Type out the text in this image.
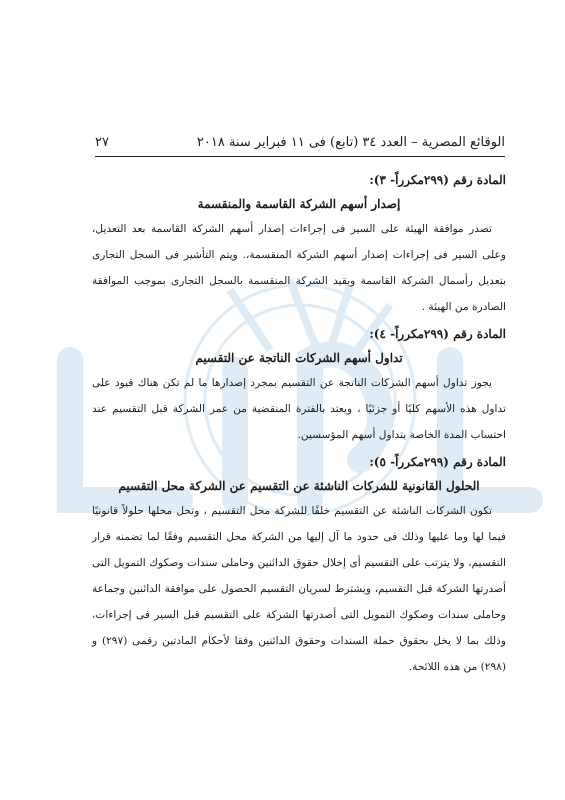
الوقائع المصرية – العدد ٣٤ (تابع) فى ١١ فبراير سنة ٢٠١٨
٢٧
المادة رقم (٢٩٩مكرراً- ٣):
إصدار أسهم الشركة القاسمة والمنقسمة

تصدر موافقة الهيئة على السير فى إجراءات إصدار أسهم الشركة القاسمة بعد التعديل، وعلى السير فى إجراءات إصدار أسهم الشركة المنقسمة،. ويتم التأشير فى السجل التجارى بتعديل رأسمال الشركة القاسمة وبقيد الشركة المنقسمة بالسجل التجارى بموجب الموافقة الصادرة من الهيئة .

المادة رقم (٢٩٩مكرراً- ٤):
تداول أسهم الشركات الناتجة عن التقسيم

يجوز تداول أسهم الشركات الناتجة عن التقسيم بمجرد إصدارها ما لم تكن هناك قيود على تداول هذه الأسهم كليًا أو جزئيًا ، ويعتد بالفترة المنقضية من عمر الشركة قبل التقسيم عند احتساب المدة الخاصة بتداول أسهم المؤسسين.

المادة رقم (٢٩٩مكرراً- ٥):
الحلول القانونية للشركات الناشئة عن التقسيم عن الشركة محل التقسيم

تكون الشركات الناشئة عن التقسيم خلفًا للشركة محل التقسيم ، وتحل محلها حلولاً قانونيًا فيما لها وما عليها وذلك فى حدود ما آل إليها من الشركة محل التقسيم وفقًا لما تضمنه قرار التقسيم، ولا يترتب على التقسيم أى إخلال حقوق الدائنين وحاملى سندات وصكوك التمويل التى أصدرتها الشركة قبل التقسيم، ويشترط لسريان التقسيم الحصول على موافقة الدائنين وجماعة وحاملى سندات وصكوك التمويل التى أصدرتها الشركة على التقسيم قبل السير فى إجراءات، وذلك بما لا يخل بحقوق حملة السندات وحقوق الدائنين وفقا لأحكام المادتين رقمى (٢٩٧) و (٢٩٨) من هذه اللائحة.
